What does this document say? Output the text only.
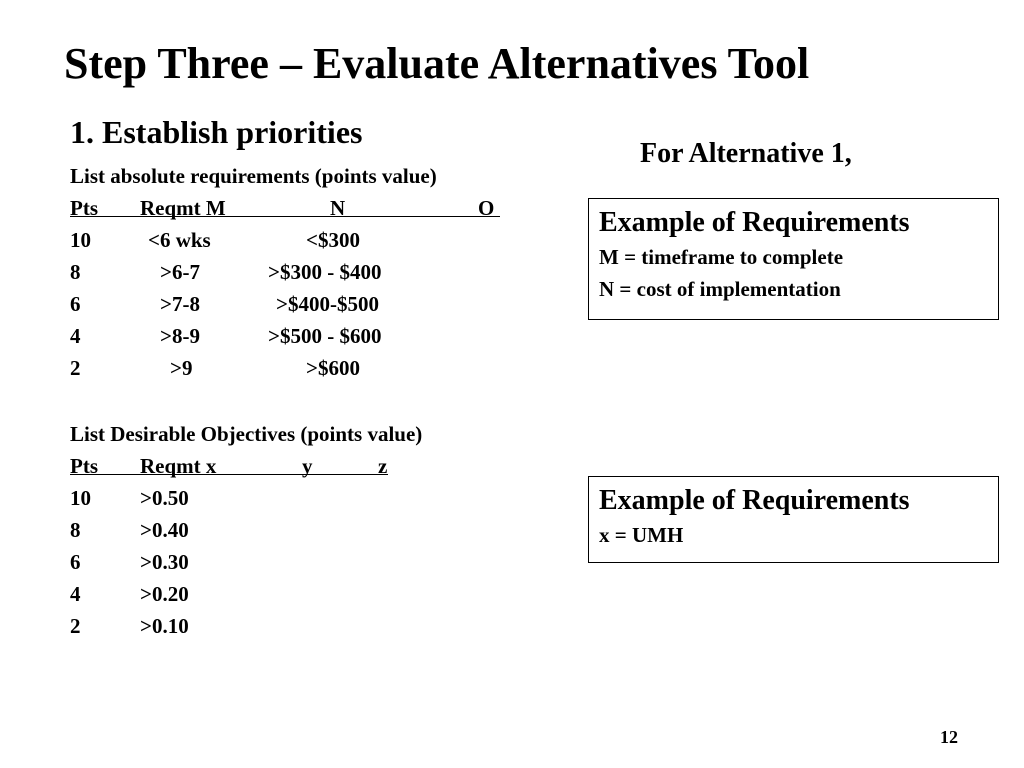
Step Three – Evaluate Alternatives Tool
1. Establish priorities
For Alternative 1,
List absolute requirements (points value)
Pts Reqmt M	N	O
10	<6 wks	<$300
8	>6-7	>$300 - $400
6	>7-8	>$400-$500
4	>8-9	>$500 - $600
2	>9	>$600
List Desirable Objectives (points value)
Pts Reqmt x	y	z
10 >0.50
8	>0.40
6	>0.30
4	>0.20
2	>0.10
Example of Requirements
M = timeframe to complete
N = cost of implementation
Example of Requirements
x = UMH
12
